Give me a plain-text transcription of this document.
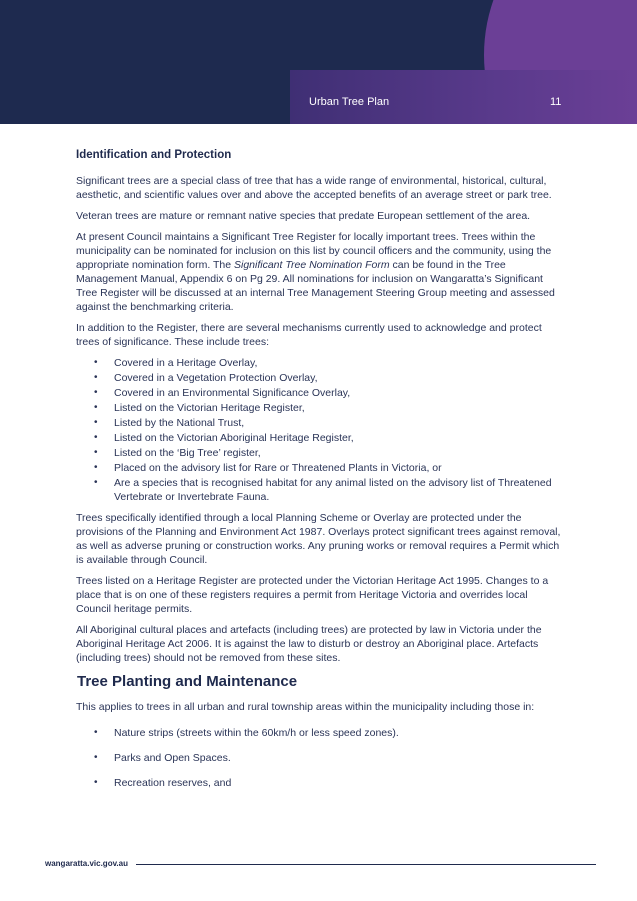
Urban Tree Plan	11
Identification and Protection

Significant trees are a special class of tree that has a wide range of environmental, historical, cultural, aesthetic, and scientific values over and above the accepted benefits of an average street or park tree.

Veteran trees are mature or remnant native species that predate European settlement of the area.

At present Council maintains a Significant Tree Register for locally important trees. Trees within the municipality can be nominated for inclusion on this list by council officers and the community, using the appropriate nomination form. The Significant Tree Nomination Form can be found in the Tree Management Manual, Appendix 6 on Pg 29. All nominations for inclusion on Wangaratta’s Significant Tree Register will be discussed at an internal Tree Management Steering Group meeting and assessed against the benchmarking criteria.

In addition to the Register, there are several mechanisms currently used to acknowledge and protect trees of significance. These include trees:

• Covered in a Heritage Overlay,
• Covered in a Vegetation Protection Overlay,
• Covered in an Environmental Significance Overlay,
• Listed on the Victorian Heritage Register,
• Listed by the National Trust,
• Listed on the Victorian Aboriginal Heritage Register,
• Listed on the ‘Big Tree’ register,
• Placed on the advisory list for Rare or Threatened Plants in Victoria, or
• Are a species that is recognised habitat for any animal listed on the advisory list of Threatened Vertebrate or Invertebrate Fauna.

Trees specifically identified through a local Planning Scheme or Overlay are protected under the provisions of the Planning and Environment Act 1987. Overlays protect significant trees against removal, as well as adverse pruning or construction works. Any pruning works or removal requires a Permit which is available through Council.

Trees listed on a Heritage Register are protected under the Victorian Heritage Act 1995. Changes to a place that is on one of these registers requires a permit from Heritage Victoria and overrides local Council heritage permits.

All Aboriginal cultural places and artefacts (including trees) are protected by law in Victoria under the Aboriginal Heritage Act 2006. It is against the law to disturb or destroy an Aboriginal place. Artefacts (including trees) should not be removed from these sites.

Tree Planting and Maintenance

This applies to trees in all urban and rural township areas within the municipality including those in:

• Nature strips (streets within the 60km/h or less speed zones).
• Parks and Open Spaces.
• Recreation reserves, and
wangaratta.vic.gov.au
